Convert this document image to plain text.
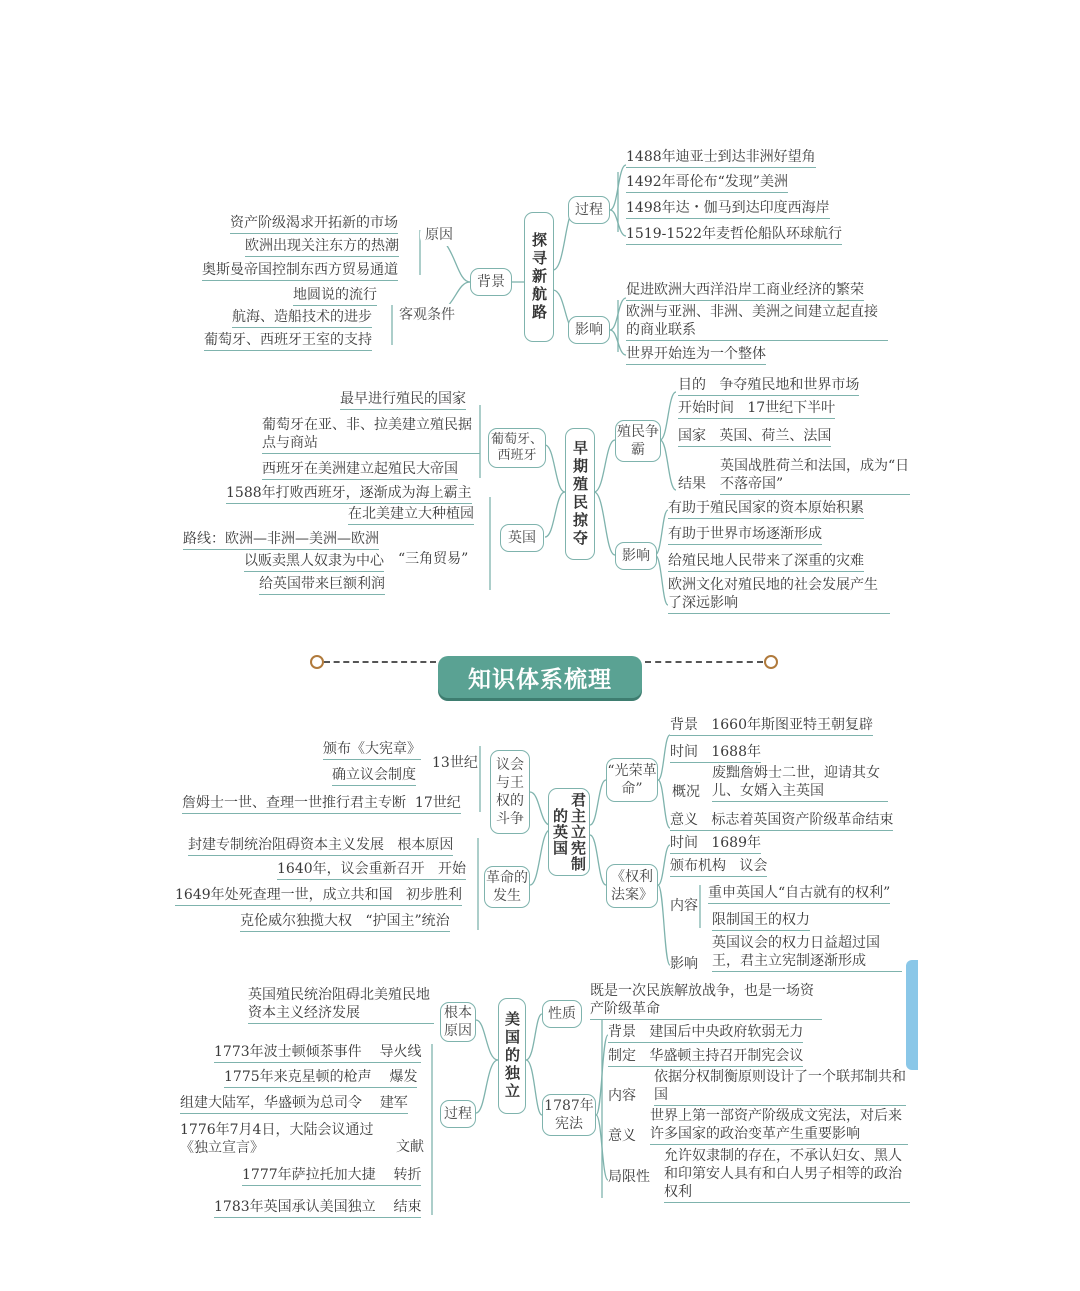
原因
资产阶级渴求开拓新的市场
欧洲出现关注东方的热潮
奥斯曼帝国控制东西方贸易通道
地圆说的流行
航海、造船技术的进步
葡萄牙、西班牙王室的支持
客观条件
背景	探寻新航路
过程
1488年迪亚士到达非洲好望角
1492年哥伦布“发现”美洲
1498年达・伽马到达印度西海岸
1519-1522年麦哲伦船队环球航行
影响
促进欧洲大西洋沿岸工商业经济的繁荣
欧洲与亚洲、非洲、美洲之间建立起直接的商业联系
世界开始连为一个整体
最早进行殖民的国家
葡萄牙在亚、非、拉美建立殖民据点与商站
西班牙在美洲建立起殖民大帝国
葡萄牙、西班牙
1588年打败西班牙，逐渐成为海上霸主
在北美建立大种植园
路线：欧洲—非洲—美洲—欧洲
以贩卖黑人奴隶为中心 “三角贸易”
给英国带来巨额利润
英国	早期殖民掠夺
殖民争霸
目的 争夺殖民地和世界市场
开始时间 17世纪下半叶
国家 英国、荷兰、法国
结果
英国战胜荷兰和法国，成为“日不落帝国”
影响
有助于殖民国家的资本原始积累
有助于世界市场逐渐形成
给殖民地人民带来了深重的灾难
欧洲文化对殖民地的社会发展产生了深远影响
知识体系梳理
颁布《大宪章》
13世纪
确立议会制度
詹姆士一世、查理一世推行君主专断 17世纪
议会与王权的斗争
封建专制统治阻碍资本主义发展 根本原因
1640年，议会重新召开 开始
1649年处死查理一世，成立共和国 初步胜利
克伦威尔独揽大权 “护国主”统治
革命的发生
君主立宪制的英国
“光荣革命”
背景 1660年斯图亚特王朝复辟
时间 1688年
概况
废黜詹姆士二世，迎请其女儿、女婿入主英国
意义 标志着英国资产阶级革命结束
《权利法案》
时间 1689年
颁布机构 议会
内容
重申英国人“自古就有的权利”
限制国王的权力
影响
英国议会的权力日益超过国王，君主立宪制逐渐形成
英国殖民统治阻碍北美殖民地资本主义经济发展	根本原因
1773年波士顿倾茶事件 导火线
1775年来克星顿的枪声 爆发
组建大陆军，华盛顿为总司令 建军
1776年7月4日，大陆会议通过《独立宣言》	文献
1777年萨拉托加大捷 转折
1783年英国承认美国独立 结束
过程
美国的独立	性质
既是一次民族解放战争，也是一场资产阶级革命
1787年宪法
背景 建国后中央政府软弱无力
制定 华盛顿主持召开制宪会议
内容
依据分权制衡原则设计了一个联邦制共和国
意义
世界上第一部资产阶级成文宪法，对后来许多国家的政治变革产生重要影响
局限性
允许奴隶制的存在，不承认妇女、黑人和印第安人具有和白人男子相等的政治权利
